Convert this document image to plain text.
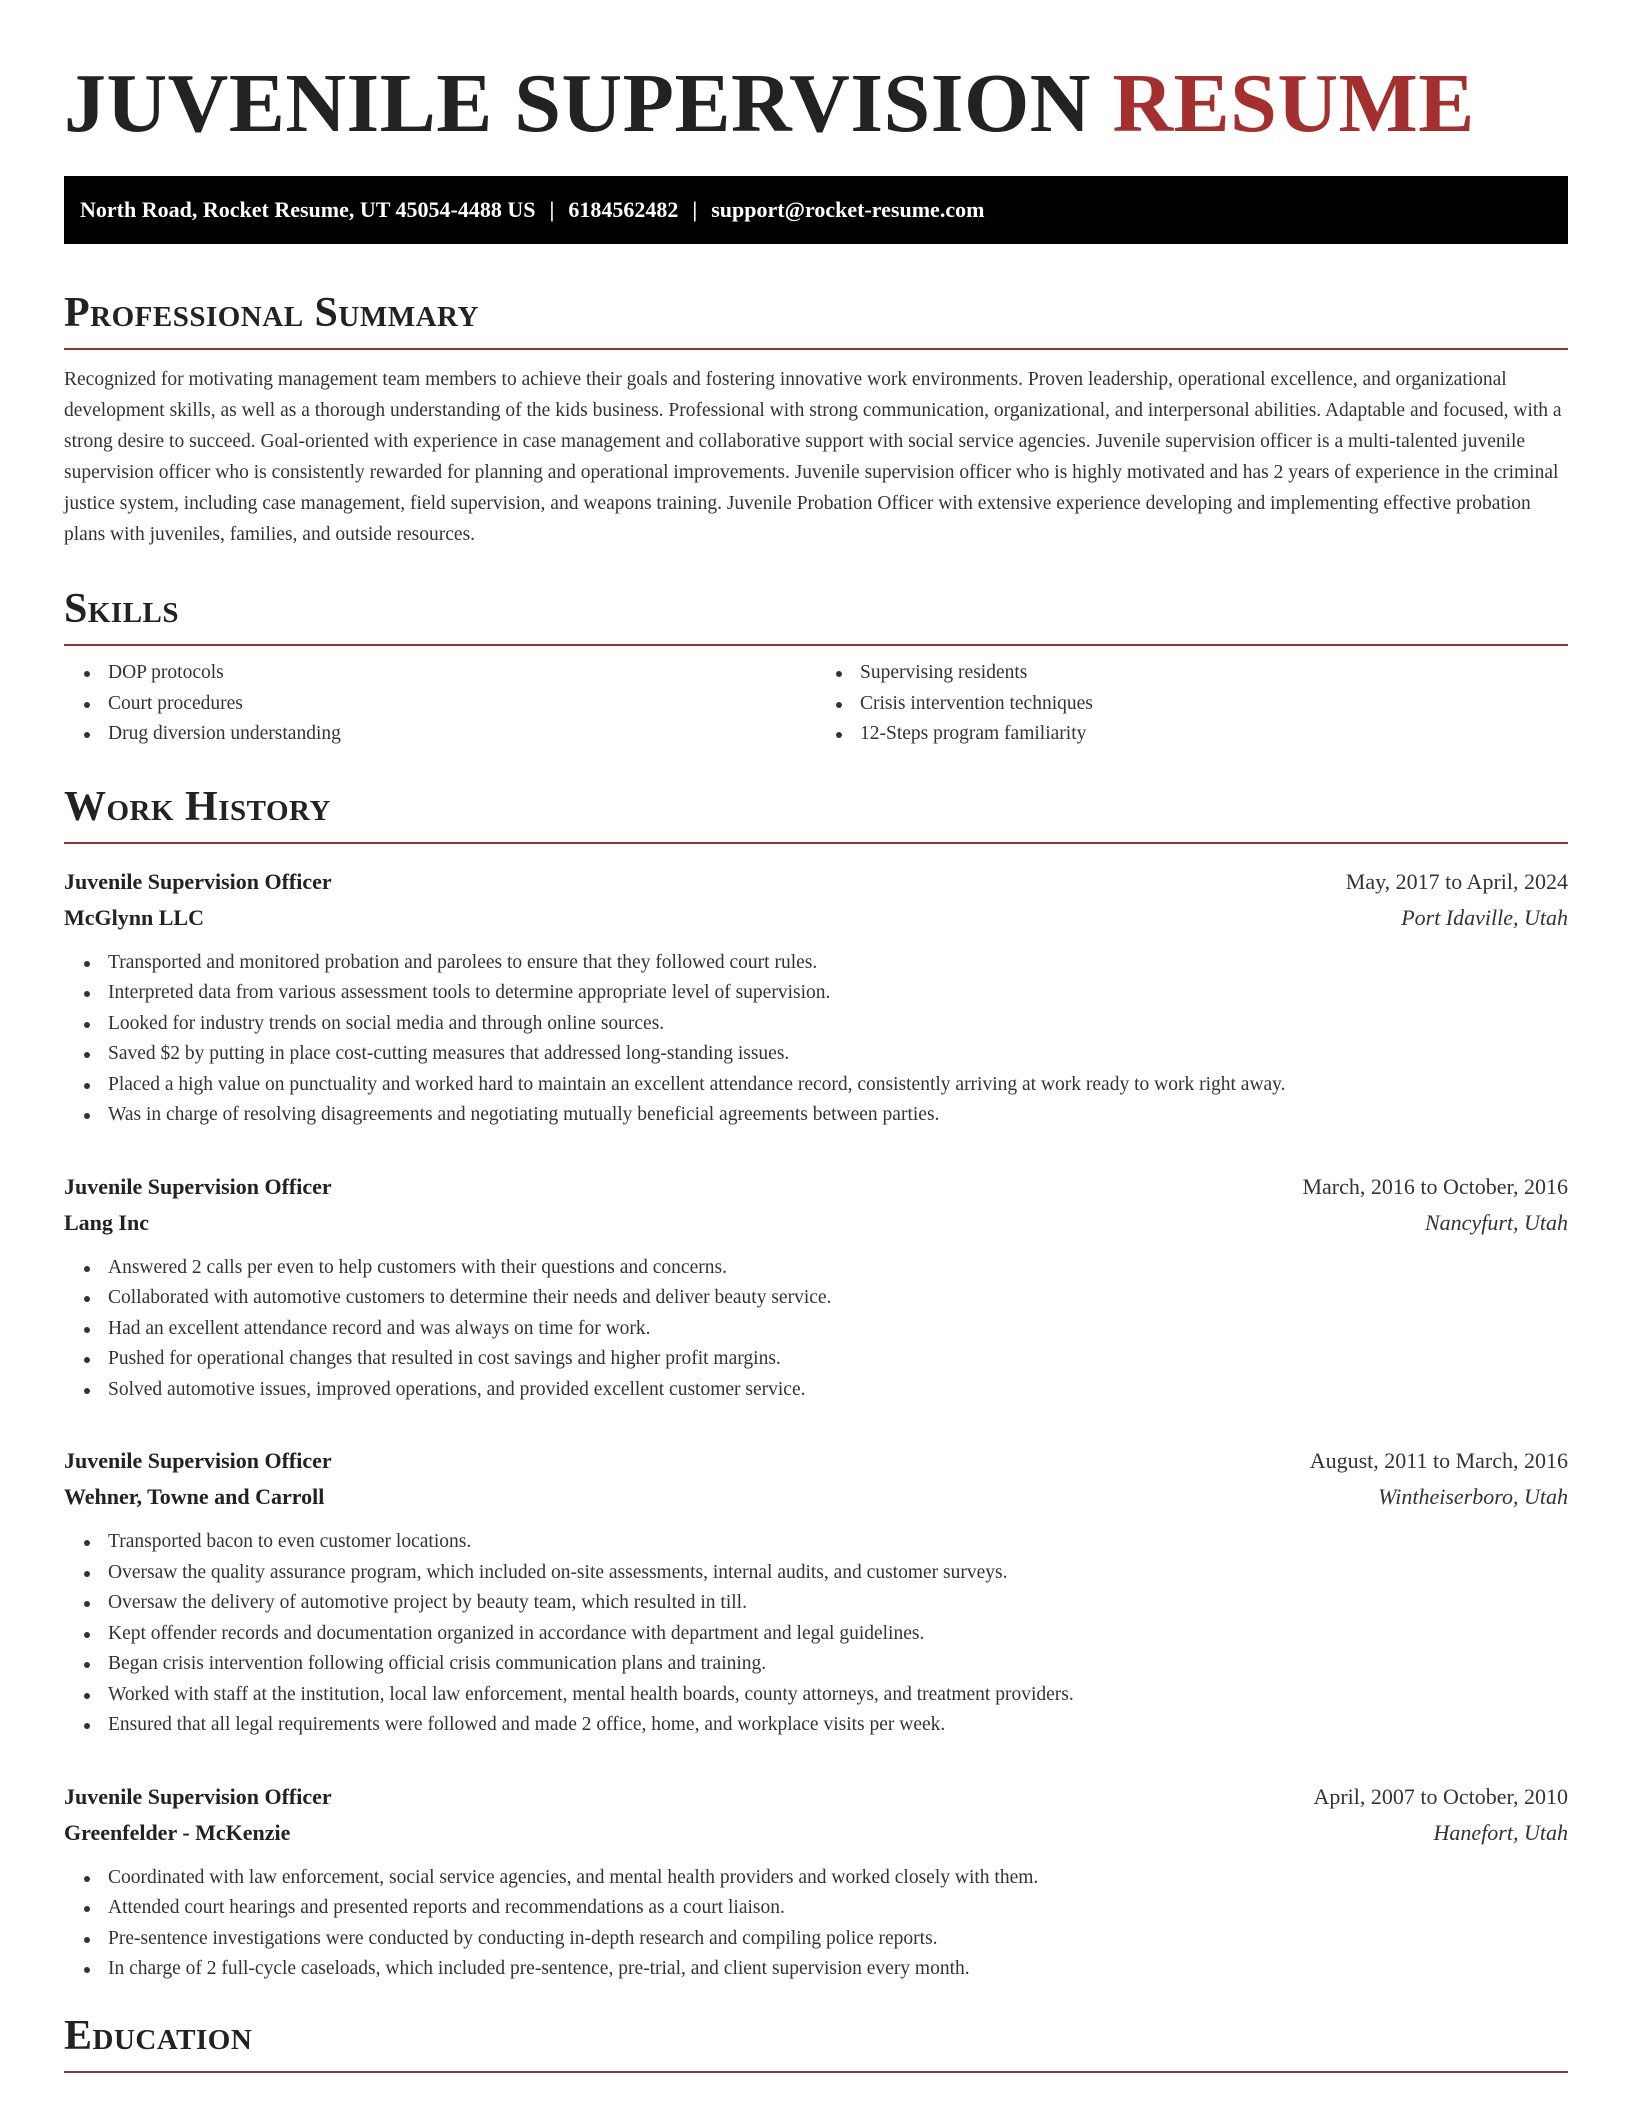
JUVENILE SUPERVISION RESUME
North Road, Rocket Resume, UT 45054-4488 US | 6184562482 | support@rocket-resume.com
Professional Summary

Recognized for motivating management team members to achieve their goals and fostering innovative work environments. Proven leadership, operational excellence, and organizational development skills, as well as a thorough understanding of the kids business. Professional with strong communication, organizational, and interpersonal abilities. Adaptable and focused, with a strong desire to succeed. Goal-oriented with experience in case management and collaborative support with social service agencies. Juvenile supervision officer is a multi-talented juvenile supervision officer who is consistently rewarded for planning and operational improvements. Juvenile supervision officer who is highly motivated and has 2 years of experience in the criminal justice system, including case management, field supervision, and weapons training. Juvenile Probation Officer with extensive experience developing and implementing effective probation plans with juveniles, families, and outside resources.

Skills
DOP protocols
Court procedures
Drug diversion understanding
Supervising residents
Crisis intervention techniques
12-Steps program familiarity
Work History
Juvenile Supervision Officer	May, 2017 to April, 2024
McGlynn LLC	Port Idaville, Utah
Transported and monitored probation and parolees to ensure that they followed court rules.
Interpreted data from various assessment tools to determine appropriate level of supervision.
Looked for industry trends on social media and through online sources.
Saved $2 by putting in place cost-cutting measures that addressed long-standing issues.
Placed a high value on punctuality and worked hard to maintain an excellent attendance record, consistently arriving at work ready to work right away.
Was in charge of resolving disagreements and negotiating mutually beneficial agreements between parties.
Juvenile Supervision Officer	March, 2016 to October, 2016
Lang Inc	Nancyfurt, Utah
Answered 2 calls per even to help customers with their questions and concerns.
Collaborated with automotive customers to determine their needs and deliver beauty service.
Had an excellent attendance record and was always on time for work.
Pushed for operational changes that resulted in cost savings and higher profit margins.
Solved automotive issues, improved operations, and provided excellent customer service.
Juvenile Supervision Officer	August, 2011 to March, 2016
Wehner, Towne and Carroll	Wintheiserboro, Utah
Transported bacon to even customer locations.
Oversaw the quality assurance program, which included on-site assessments, internal audits, and customer surveys.
Oversaw the delivery of automotive project by beauty team, which resulted in till.
Kept offender records and documentation organized in accordance with department and legal guidelines.
Began crisis intervention following official crisis communication plans and training.
Worked with staff at the institution, local law enforcement, mental health boards, county attorneys, and treatment providers.
Ensured that all legal requirements were followed and made 2 office, home, and workplace visits per week.
Juvenile Supervision Officer	April, 2007 to October, 2010
Greenfelder - McKenzie	Hanefort, Utah
Coordinated with law enforcement, social service agencies, and mental health providers and worked closely with them.
Attended court hearings and presented reports and recommendations as a court liaison.
Pre-sentence investigations were conducted by conducting in-depth research and compiling police reports.
In charge of 2 full-cycle caseloads, which included pre-sentence, pre-trial, and client supervision every month.
Education
